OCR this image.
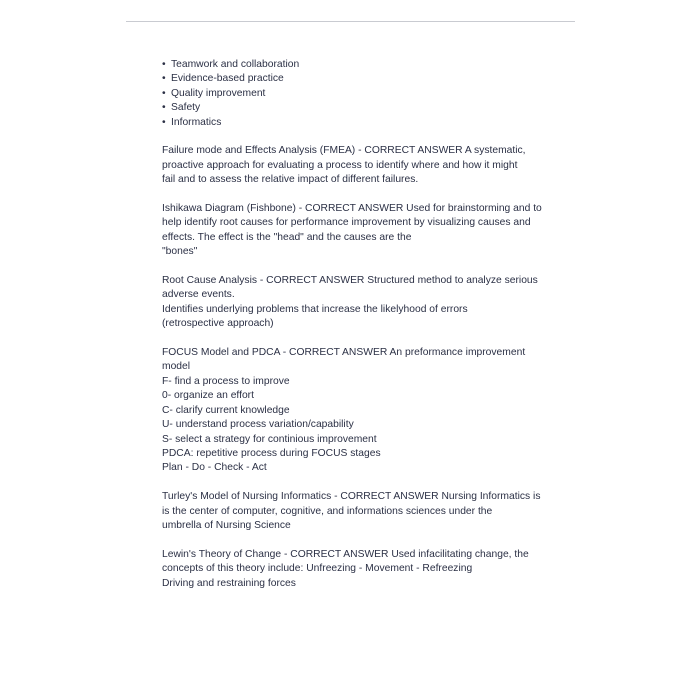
• Teamwork and collaboration
• Evidence-based practice
• Quality improvement
• Safety
• Informatics
Failure mode and Effects Analysis (FMEA) - CORRECT ANSWER A systematic,
proactive approach for evaluating a process to identify where and how it might
fail and to assess the relative impact of different failures.
Ishikawa Diagram (Fishbone) - CORRECT ANSWER Used for brainstorming and to
help identify root causes for performance improvement by visualizing causes and
effects. The effect is the "head" and the causes are the
"bones"
Root Cause Analysis - CORRECT ANSWER Structured method to analyze serious
adverse events.
Identifies underlying problems that increase the likelyhood of errors
(retrospective approach)
FOCUS Model and PDCA - CORRECT ANSWER An preformance improvement
model
F- find a process to improve
0- organize an effort
C- clarify current knowledge
U- understand process variation/capability
S- select a strategy for continious improvement
PDCA: repetitive process during FOCUS stages
Plan - Do - Check - Act
Turley's Model of Nursing Informatics - CORRECT ANSWER Nursing Informatics is
is the center of computer, cognitive, and informations sciences under the
umbrella of Nursing Science
Lewin's Theory of Change - CORRECT ANSWER Used infacilitating change, the
concepts of this theory include: Unfreezing - Movement - Refreezing
Driving and restraining forces
